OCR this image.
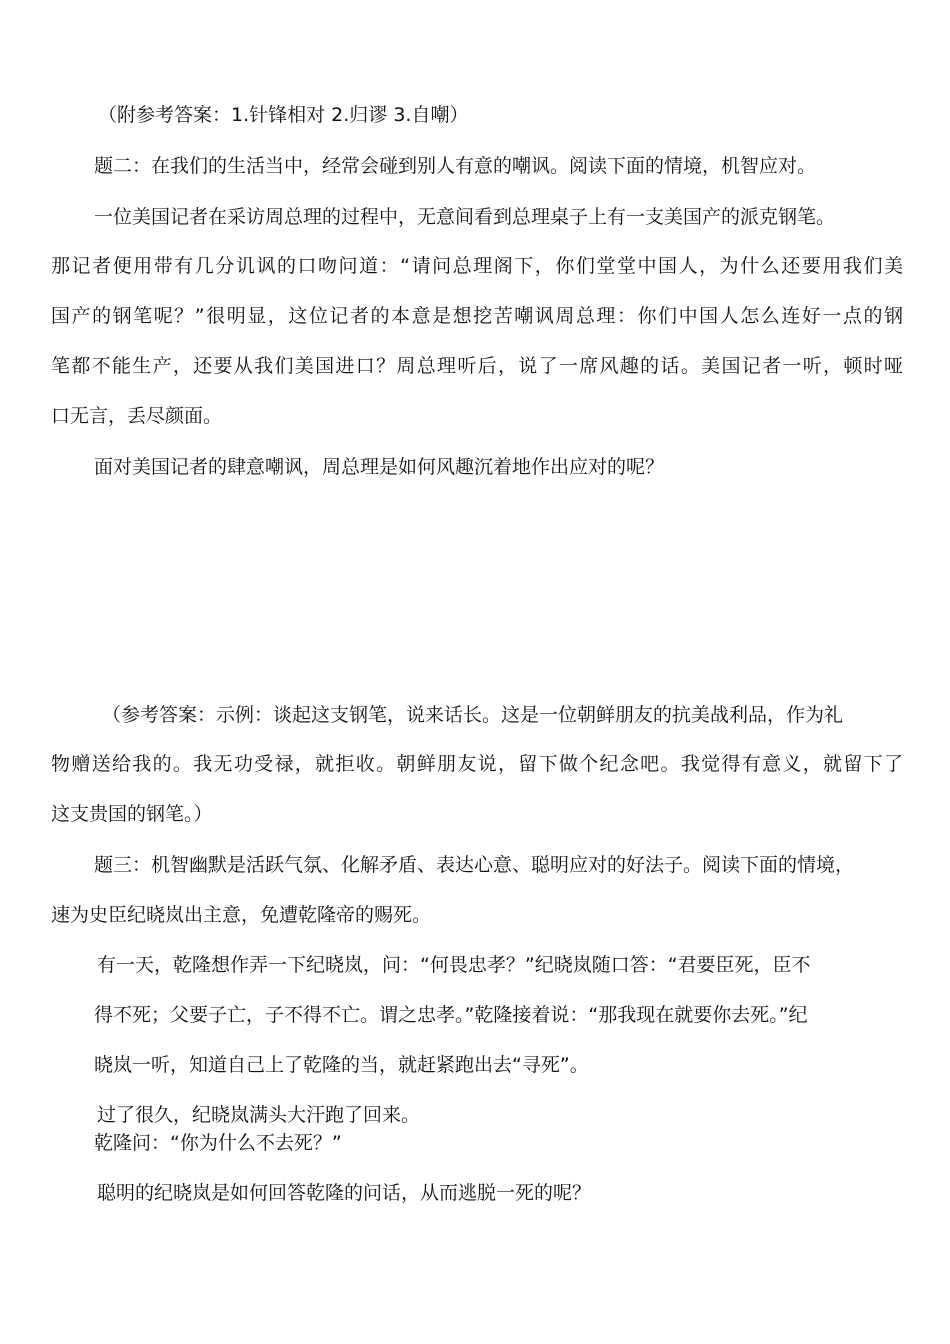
（附参考答案：1.针锋相对 2.归谬 3.自嘲）
题二：在我们的生活当中，经常会碰到别人有意的嘲讽。阅读下面的情境，机智应对。
一位美国记者在采访周总理的过程中，无意间看到总理桌子上有一支美国产的派克钢笔。
那记者便用带有几分讥讽的口吻问道：“请问总理阁下，你们堂堂中国人，为什么还要用我们美
国产的钢笔呢？”很明显，这位记者的本意是想挖苦嘲讽周总理：你们中国人怎么连好一点的钢
笔都不能生产，还要从我们美国进口？周总理听后，说了一席风趣的话。美国记者一听，顿时哑
口无言，丢尽颜面。
面对美国记者的肆意嘲讽，周总理是如何风趣沉着地作出应对的呢？
（参考答案：示例：谈起这支钢笔，说来话长。这是一位朝鲜朋友的抗美战利品，作为礼
物赠送给我的。我无功受禄，就拒收。朝鲜朋友说，留下做个纪念吧。我觉得有意义，就留下了
这支贵国的钢笔。）
题三：机智幽默是活跃气氛、化解矛盾、表达心意、聪明应对的好法子。阅读下面的情境，
速为史臣纪晓岚出主意，免遭乾隆帝的赐死。
有一天，乾隆想作弄一下纪晓岚，问：“何畏忠孝？”纪晓岚随口答：“君要臣死，臣不
得不死；父要子亡，子不得不亡。谓之忠孝。”乾隆接着说：“那我现在就要你去死。”纪
晓岚一听，知道自己上了乾隆的当，就赶紧跑出去“寻死”。
过了很久，纪晓岚满头大汗跑了回来。
乾隆问：“你为什么不去死？”
聪明的纪晓岚是如何回答乾隆的问话，从而逃脱一死的呢？
